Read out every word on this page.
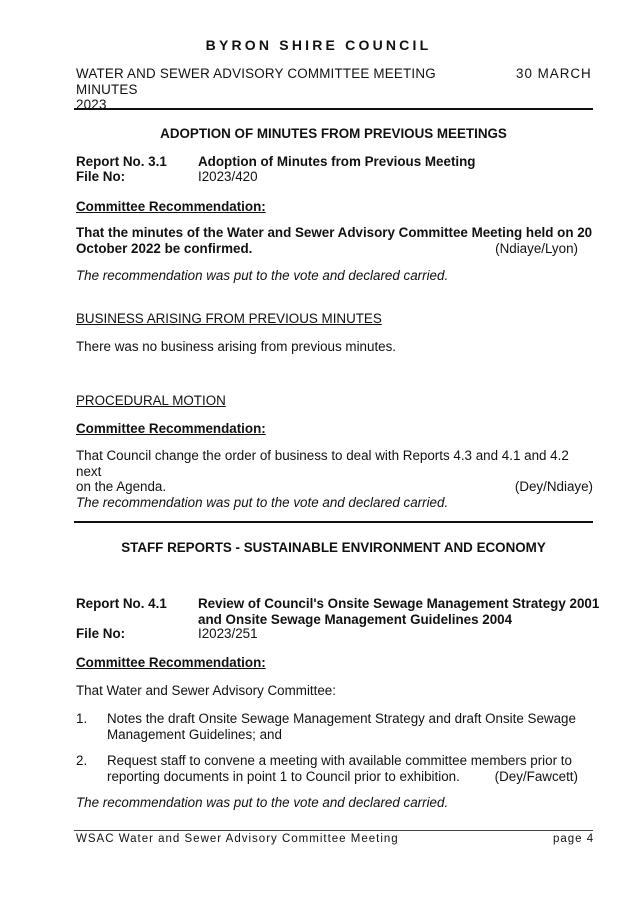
BYRON SHIRE COUNCIL
WATER AND SEWER ADVISORY COMMITTEE MEETING MINUTES
2023
30 MARCH
ADOPTION OF MINUTES FROM PREVIOUS MEETINGS
Report No. 3.1 Adoption of Minutes from Previous Meeting
File No:	I2023/420
Committee Recommendation:
That the minutes of the Water and Sewer Advisory Committee Meeting held on 20
October 2022 be confirmed.	(Ndiaye/Lyon)
The recommendation was put to the vote and declared carried.
BUSINESS ARISING FROM PREVIOUS MINUTES
There was no business arising from previous minutes.
PROCEDURAL MOTION
Committee Recommendation:
That Council change the order of business to deal with Reports 4.3 and 4.1 and 4.2 next
on the Agenda.	(Dey/Ndiaye)
The recommendation was put to the vote and declared carried.
STAFF REPORTS - SUSTAINABLE ENVIRONMENT AND ECONOMY
Report No. 4.1 Review of Council's Onsite Sewage Management Strategy 2001
and Onsite Sewage Management Guidelines 2004
File No:	I2023/251
Committee Recommendation:
That Water and Sewer Advisory Committee:
1. Notes the draft Onsite Sewage Management Strategy and draft Onsite Sewage
Management Guidelines; and
2. Request staff to convene a meeting with available committee members prior to
reporting documents in point 1 to Council prior to exhibition.	(Dey/Fawcett)
The recommendation was put to the vote and declared carried.
WSAC Water and Sewer Advisory Committee Meeting	page 4
